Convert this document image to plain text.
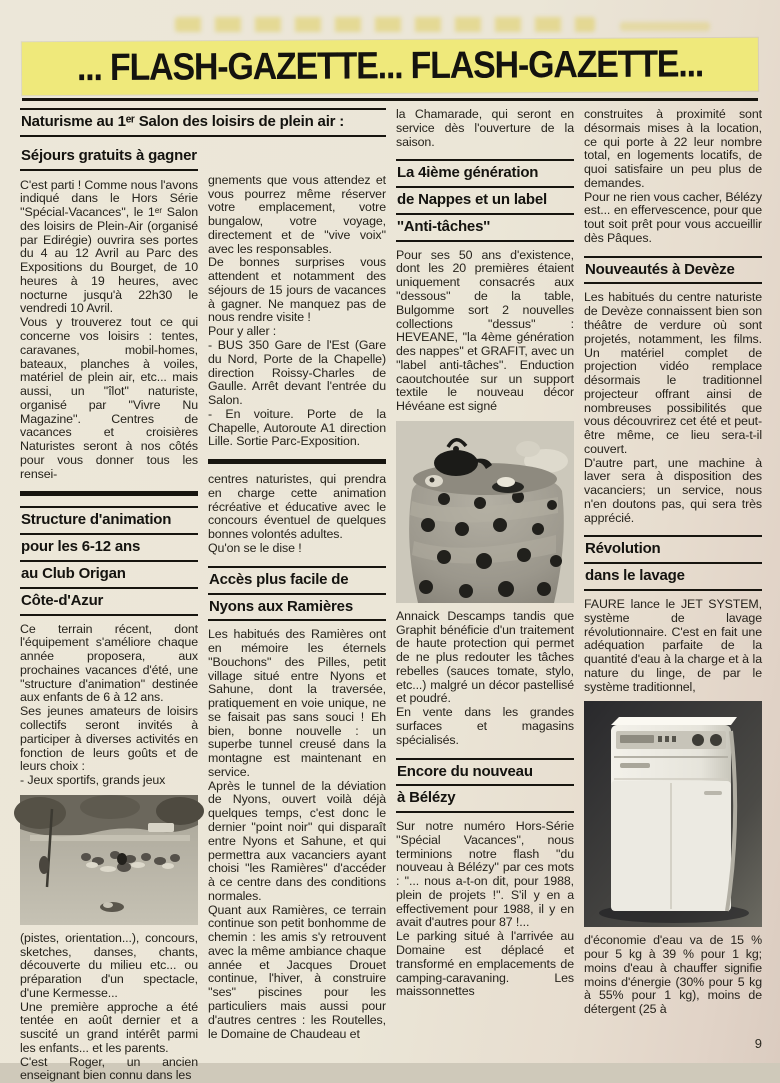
... FLASH-GAZETTE... FLASH-GAZETTE...
Naturisme au 1ᵉʳ Salon des loisirs de plein air :
Séjours gratuits à gagner

C'est parti ! Comme nous l'avons indiqué dans le Hors Série ''Spécial-Vacances'', le 1ᵉʳ Salon des loisirs de Plein-Air (organisé par Edirégie) ouvrira ses portes du 4 au 12 Avril au Parc des Expositions du Bourget, de 10 heures à 19 heures, avec nocturne jusqu'à 22h30 le vendredi 10 Avril.

Vous y trouverez tout ce qui concerne vos loisirs : tentes, caravanes, mobil-homes, bateaux, planches à voiles, matériel de plein air, etc... mais aussi, un ''îlot'' naturiste, organisé par ''Vivre Nu Magazine''. Centres de vacances et croisières Naturistes seront à nos côtés pour vous donner tous les rensei-

Structure d'animation
pour les 6-12 ans
au Club Origan
Côte-d'Azur

Ce terrain récent, dont l'équipement s'améliore chaque année proposera, aux prochaines vacances d'été, une ''structure d'animation'' destinée aux enfants de 6 à 12 ans.

Ses jeunes amateurs de loisirs collectifs seront invités à participer à diverses activités en fonction de leurs goûts et de leurs choix :

- Jeux sportifs, grands jeux

(pistes, orientation...), concours, sketches, danses, chants, découverte du milieu etc... ou préparation d'un spectacle, d'une Kermesse...

Une première approche a été tentée en août dernier et a suscité un grand intérêt parmi les enfants... et les parents.

C'est Roger, un ancien enseignant bien connu dans les

gnements que vous attendez et vous pourrez même réserver votre emplacement, votre bungalow, votre voyage, directement et de ''vive voix'' avec les responsables.

De bonnes surprises vous attendent et notamment des séjours de 15 jours de vacances à gagner. Ne manquez pas de nous rendre visite !

Pour y aller :

- BUS 350 Gare de l'Est (Gare du Nord, Porte de la Chapelle) direction Roissy-Charles de Gaulle. Arrêt devant l'entrée du Salon.

- En voiture. Porte de la Chapelle, Autoroute A1 direction Lille. Sortie Parc-Exposition.

centres naturistes, qui prendra en charge cette animation récréative et éducative avec le concours éventuel de quelques bonnes volontés adultes.

Qu'on se le dise !

Accès plus facile de
Nyons aux Ramières

Les habitués des Ramières ont en mémoire les éternels ''Bouchons'' des Pilles, petit village situé entre Nyons et Sahune, dont la traversée, pratiquement en voie unique, ne se faisait pas sans souci ! Eh bien, bonne nouvelle : un superbe tunnel creusé dans la montagne est maintenant en service.

Après le tunnel de la déviation de Nyons, ouvert voilà déjà quelques temps, c'est donc le dernier ''point noir'' qui disparaît entre Nyons et Sahune, et qui permettra aux vacanciers ayant choisi ''les Ramières'' d'accéder à ce centre dans des conditions normales.

Quant aux Ramières, ce terrain continue son petit bonhomme de chemin : les amis s'y retrouvent avec la même ambiance chaque année et Jacques Drouet continue, l'hiver, à construire ''ses'' piscines pour les particuliers mais aussi pour d'autres centres : les Routelles, le Domaine de Chaudeau et

la Chamarade, qui seront en service dès l'ouverture de la saison.

La 4ième génération
de Nappes et un label
''Anti-tâches''

Pour ses 50 ans d'existence, dont les 20 premières étaient uniquement consacrés aux ''dessous'' de la table, Bulgomme sort 2 nouvelles collections ''dessus'' : HEVEANE, ''la 4ème génération des nappes'' et GRAFIT, avec un ''label anti-tâches''. Enduction caoutchoutée sur un support textile le nouveau décor Hévéane est signé

Annaick Descamps tandis que Graphit bénéficie d'un traitement de haute protection qui permet de ne plus redouter les tâches rebelles (sauces tomate, stylo, etc...) malgré un décor pastellisé et poudré.

En vente dans les grandes surfaces et magasins spécialisés.

Encore du nouveau
à Bélézy

Sur notre numéro Hors-Série ''Spécial Vacances'', nous terminions notre flash ''du nouveau à Bélézy'' par ces mots : ''... nous a-t-on dit, pour 1988, plein de projets !''. S'il y en a effectivement pour 1988, il y en avait d'autres pour 87 !...

Le parking situé à l'arrivée au Domaine est déplacé et transformé en emplacements de camping-caravaning. Les maissonnettes

construites à proximité sont désormais mises à la location, ce qui porte à 22 leur nombre total, en logements locatifs, de quoi satisfaire un peu plus de demandes.

Pour ne rien vous cacher, Bélézy est... en effervescence, pour que tout soit prêt pour vous accueillir dès Pâques.

Nouveautés à Devèze

Les habitués du centre naturiste de Devèze connaissent bien son théâtre de verdure où sont projetés, notamment, les films. Un matériel complet de projection vidéo remplace désormais le traditionnel projecteur offrant ainsi de nombreuses possibilités que vous découvrirez cet été et peut-être même, ce lieu sera-t-il couvert.

D'autre part, une machine à laver sera à disposition des vacanciers; un service, nous n'en doutons pas, qui sera très apprécié.

Révolution
dans le lavage

FAURE lance le JET SYSTEM, système de lavage révolutionnaire. C'est en fait une adéquation parfaite de la quantité d'eau à la charge et à la nature du linge, de par le système traditionnel,

d'économie d'eau va de 15 % pour 5 kg à 39 % pour 1 kg; moins d'eau à chauffer signifie moins d'énergie (30% pour 5 kg à 55% pour 1 kg), moins de détergent (25 à

9
